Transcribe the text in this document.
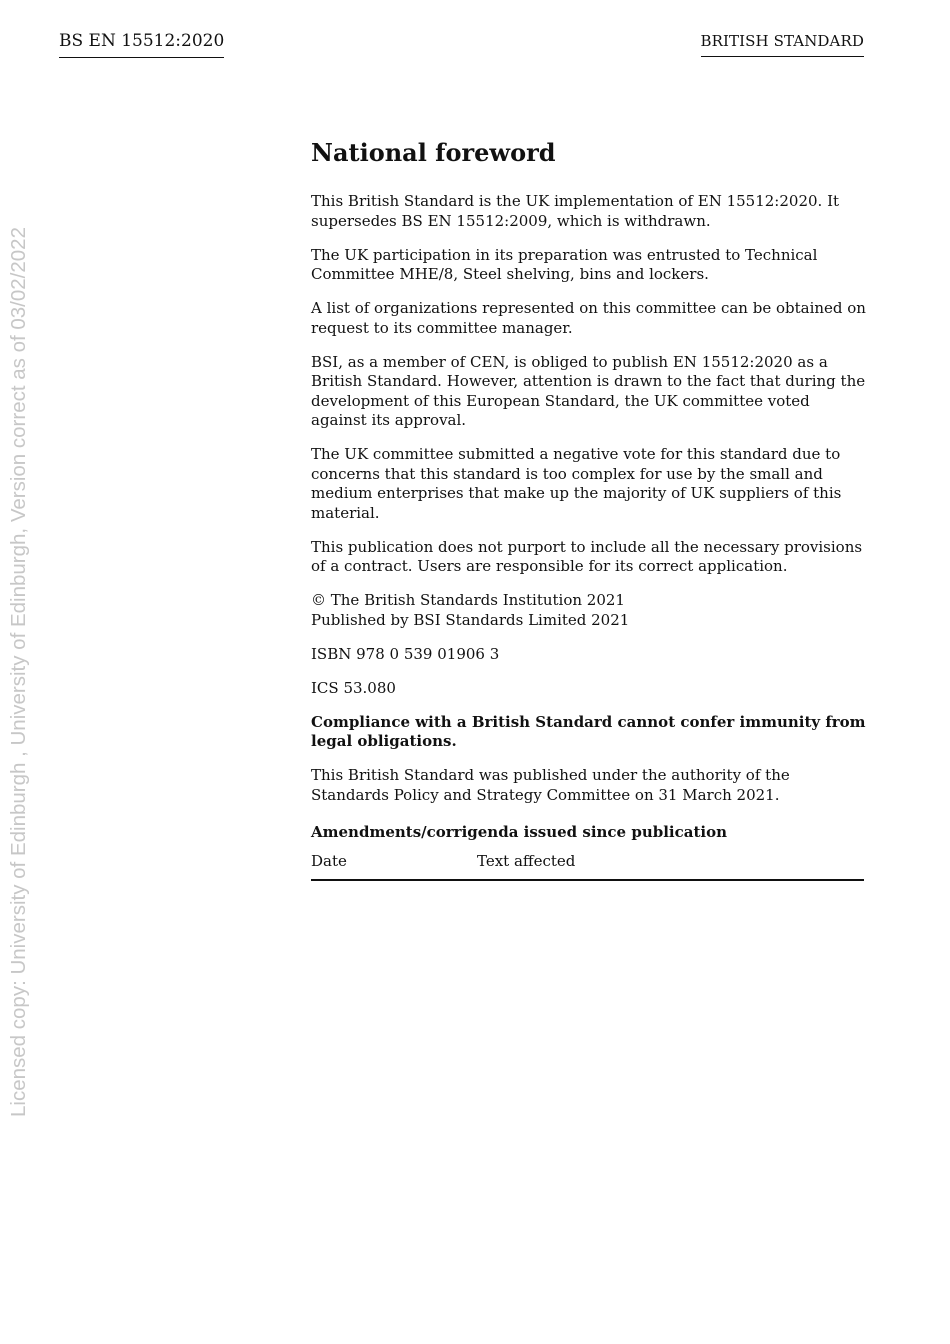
BS EN 15512:2020	BRITISH STANDARD
Licensed copy: University of Edinburgh , University of Edinburgh, Version correct as of 03/02/2022
National foreword

This British Standard is the UK implementation of EN 15512:2020. It supersedes BS EN 15512:2009, which is withdrawn.

The UK participation in its preparation was entrusted to Technical Committee MHE/8, Steel shelving, bins and lockers.

A list of organizations represented on this committee can be obtained on request to its committee manager.

BSI, as a member of CEN, is obliged to publish EN 15512:2020 as a British Standard. However, attention is drawn to the fact that during the development of this European Standard, the UK committee voted against its approval.

The UK committee submitted a negative vote for this standard due to concerns that this standard is too complex for use by the small and medium enterprises that make up the majority of UK suppliers of this material.

This publication does not purport to include all the necessary provisions of a contract. Users are responsible for its correct application.

© The British Standards Institution 2021
Published by BSI Standards Limited 2021

ISBN 978 0 539 01906 3

ICS 53.080

Compliance with a British Standard cannot confer immunity from legal obligations.

This British Standard was published under the authority of the Standards Policy and Strategy Committee on 31 March 2021.

Amendments/corrigenda issued since publication
Date	Text affected
